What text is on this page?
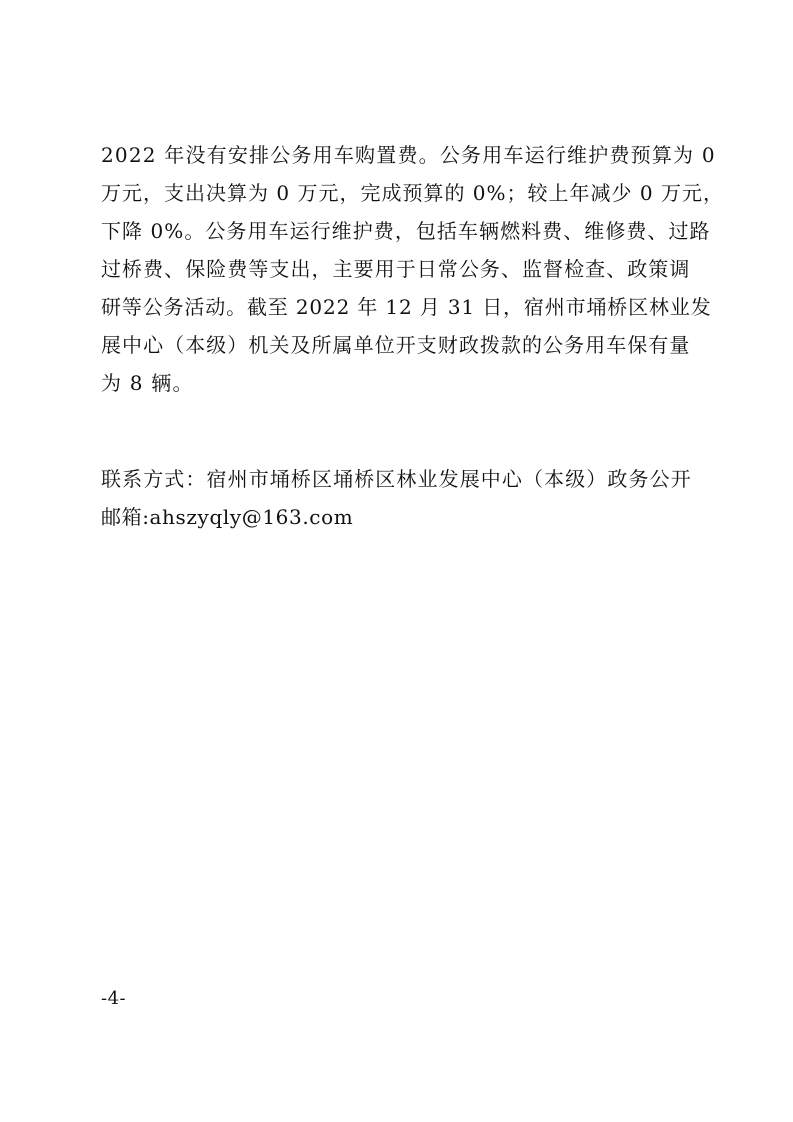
2022 年没有安排公务用车购置费。公务用车运行维护费预算为 0
万元，支出决算为 0 万元，完成预算的 0%；较上年减少 0 万元，
下降 0%。公务用车运行维护费，包括车辆燃料费、维修费、过路
过桥费、保险费等支出，主要用于日常公务、监督检查、政策调
研等公务活动。截至 2022 年 12 月 31 日，宿州市埇桥区林业发
展中心（本级）机关及所属单位开支财政拨款的公务用车保有量
为 8 辆。
联系方式：宿州市埇桥区埇桥区林业发展中心（本级）政务公开
邮箱:ahszyqly@163.com
-4-
